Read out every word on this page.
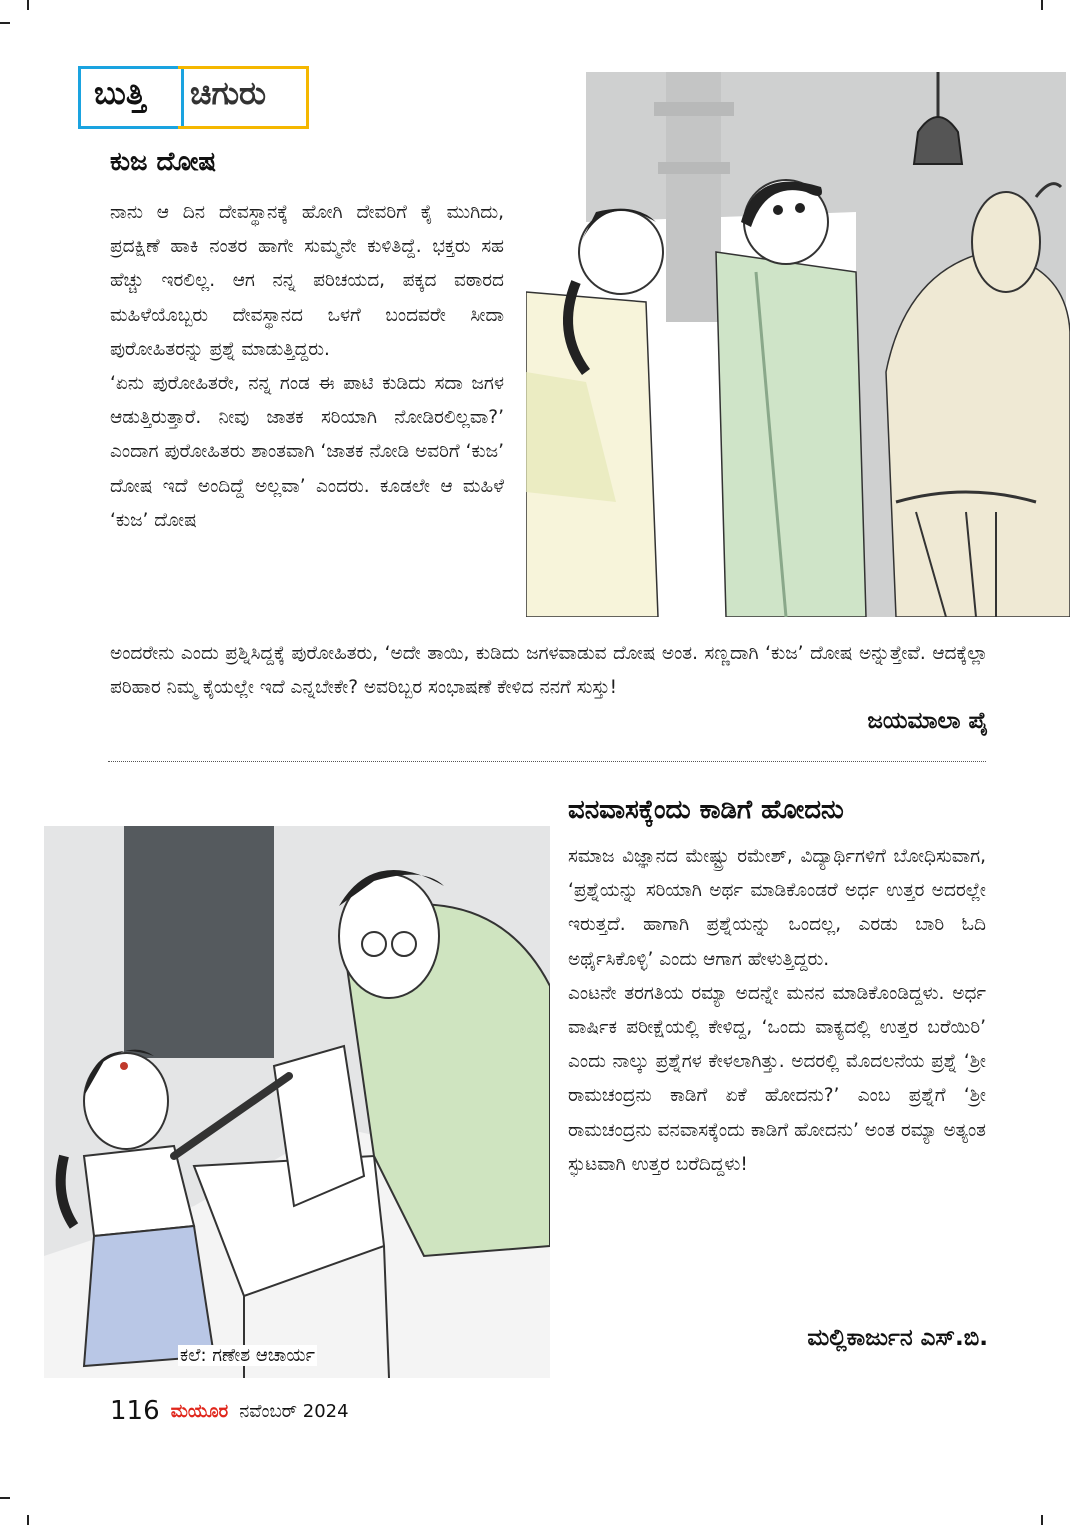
ಬುತ್ತಿ ಚಿಗುರು
ಕುಜ ದೋಷ

ನಾನು ಆ ದಿನ ದೇವಸ್ಥಾನಕ್ಕೆ ಹೋಗಿ ದೇವರಿಗೆ ಕೈ ಮುಗಿದು, ಪ್ರದಕ್ಷಿಣೆ ಹಾಕಿ ನಂತರ ಹಾಗೇ ಸುಮ್ಮನೇ ಕುಳಿತಿದ್ದೆ. ಭಕ್ತರು ಸಹ ಹೆಚ್ಚು ಇರಲಿಲ್ಲ. ಆಗ ನನ್ನ ಪರಿಚಯದ, ಪಕ್ಕದ ವಠಾರದ ಮಹಿಳೆಯೊಬ್ಬರು ದೇವಸ್ಥಾನದ ಒಳಗೆ ಬಂದವರೇ ಸೀದಾ ಪುರೋಹಿತರನ್ನು ಪ್ರಶ್ನೆ ಮಾಡುತ್ತಿದ್ದರು.

‘ಏನು ಪುರೋಹಿತರೇ, ನನ್ನ ಗಂಡ ಈ ಪಾಟಿ ಕುಡಿದು ಸದಾ ಜಗಳ ಆಡುತ್ತಿರುತ್ತಾರೆ. ನೀವು ಜಾತಕ ಸರಿಯಾಗಿ ನೋಡಿರಲಿಲ್ಲವಾ?’ ಎಂದಾಗ ಪುರೋಹಿತರು ಶಾಂತವಾಗಿ ‘ಜಾತಕ ನೋಡಿ ಅವರಿಗೆ ‘ಕುಜ’ ದೋಷ ಇದೆ ಅಂದಿದ್ದೆ ಅಲ್ಲವಾ’ ಎಂದರು. ಕೂಡಲೇ ಆ ಮಹಿಳೆ ‘ಕುಜ’ ದೋಷ

ಅಂದರೇನು ಎಂದು ಪ್ರಶ್ನಿಸಿದ್ದಕ್ಕೆ ಪುರೋಹಿತರು, ‘ಅದೇ ತಾಯಿ, ಕುಡಿದು ಜಗಳವಾಡುವ ದೋಷ ಅಂತ. ಸಣ್ಣದಾಗಿ ‘ಕುಜ’ ದೋಷ ಅನ್ನುತ್ತೇವೆ. ಆದಕ್ಕೆಲ್ಲಾ ಪರಿಹಾರ ನಿಮ್ಮ ಕೈಯಲ್ಲೇ ಇದೆ ಎನ್ನಬೇಕೇ? ಅವರಿಬ್ಬರ ಸಂಭಾಷಣೆ ಕೇಳಿದ ನನಗೆ ಸುಸ್ತು!

ಜಯಮಾಲಾ ಪೈ
ಕಲೆ: ಗಣೇಶ ಆಚಾರ್ಯ
ವನವಾಸಕ್ಕೆಂದು ಕಾಡಿಗೆ ಹೋದನು

ಸಮಾಜ ವಿಜ್ಞಾನದ ಮೇಷ್ಟ್ರು ರಮೇಶ್, ವಿದ್ಯಾರ್ಥಿಗಳಿಗೆ ಬೋಧಿಸುವಾಗ, ‘ಪ್ರಶ್ನೆಯನ್ನು ಸರಿಯಾಗಿ ಅರ್ಥ ಮಾಡಿಕೊಂಡರೆ ಅರ್ಧ ಉತ್ತರ ಅದರಲ್ಲೇ ಇರುತ್ತದೆ. ಹಾಗಾಗಿ ಪ್ರಶ್ನೆಯನ್ನು ಒಂದಲ್ಲ, ಎರಡು ಬಾರಿ ಓದಿ ಅರ್ಥೈಸಿಕೊಳ್ಳಿ’ ಎಂದು ಆಗಾಗ ಹೇಳುತ್ತಿದ್ದರು.

ಎಂಟನೇ ತರಗತಿಯ ರಮ್ಯಾ ಅದನ್ನೇ ಮನನ ಮಾಡಿಕೊಂಡಿದ್ದಳು. ಅರ್ಧ ವಾರ್ಷಿಕ ಪರೀಕ್ಷೆಯಲ್ಲಿ ಕೇಳಿದ್ದ, ‘ಒಂದು ವಾಕ್ಯದಲ್ಲಿ ಉತ್ತರ ಬರೆಯಿರಿ’ ಎಂದು ನಾಲ್ಕು ಪ್ರಶ್ನೆಗಳ ಕೇಳಲಾಗಿತ್ತು. ಅದರಲ್ಲಿ ಮೊದಲನೆಯ ಪ್ರಶ್ನೆ ‘ಶ್ರೀ ರಾಮಚಂದ್ರನು ಕಾಡಿಗೆ ಏಕೆ ಹೋದನು?’ ಎಂಬ ಪ್ರಶ್ನೆಗೆ ‘ಶ್ರೀ ರಾಮಚಂದ್ರನು ವನವಾಸಕ್ಕೆಂದು ಕಾಡಿಗೆ ಹೋದನು’ ಅಂತ ರಮ್ಯಾ ಅತ್ಯಂತ ಸ್ಫುಟವಾಗಿ ಉತ್ತರ ಬರೆದಿದ್ದಳು!

ಮಲ್ಲಿಕಾರ್ಜುನ ಎಸ್.ಬಿ.
116 ಮಯೂರ ನವೆಂಬರ್ 2024
